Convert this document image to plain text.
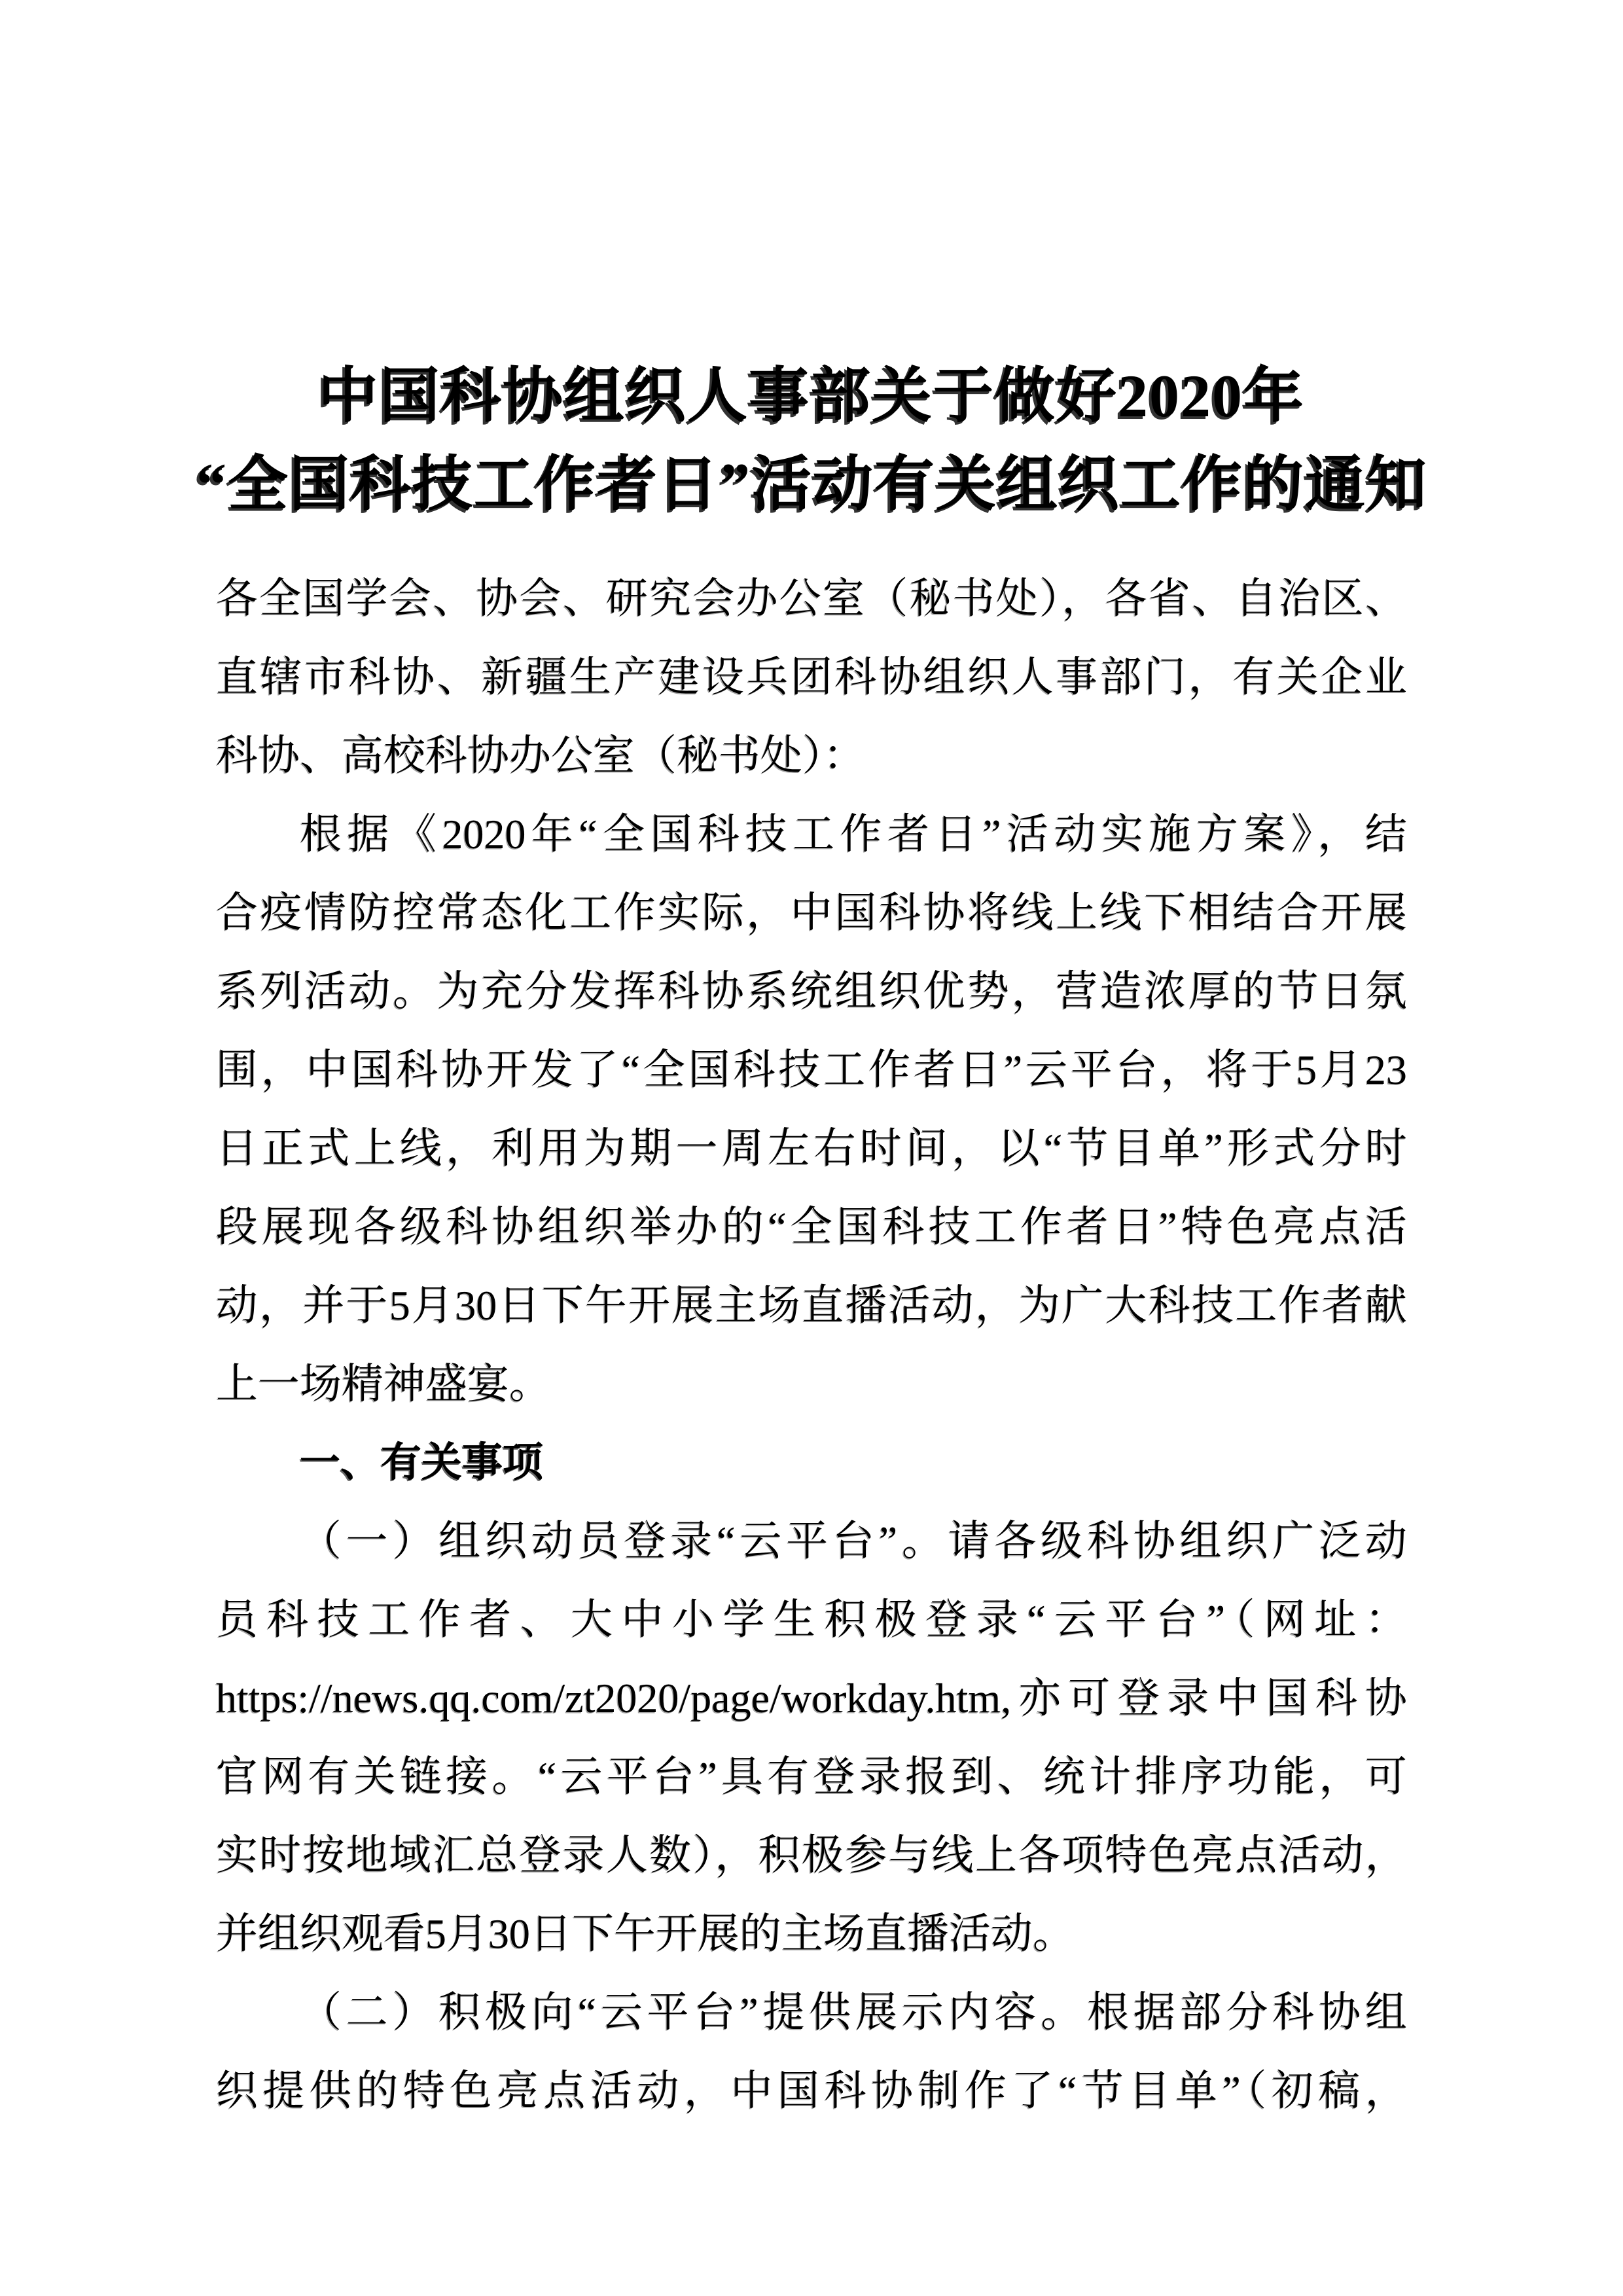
中国科协组织人事部关于做好2020年
“全国科技工作者日”活动有关组织工作的通知
各全国学会、协会、研究会办公室（秘书处），各省、自治区、
直辖市科协、新疆生产建设兵团科协组织人事部门，有关企业
科协、高校科协办公室（秘书处）：
根据《2020年“全国科技工作者日”活动实施方案》，结
合疫情防控常态化工作实际，中国科协将线上线下相结合开展
系列活动。为充分发挥科协系统组织优势，营造浓厚的节日氛
围，中国科协开发了“全国科技工作者日”云平台，将于5月23
日正式上线，利用为期一周左右时间，以“节目单”形式分时
段展现各级科协组织举办的“全国科技工作者日”特色亮点活
动，并于5月30日下午开展主场直播活动，为广大科技工作者献
上一场精神盛宴。
一、有关事项
（一）组织动员登录“云平台”。请各级科协组织广泛动
员科技工作者、大中小学生积极登录“云平台”（网址：
https://news.qq.com/zt2020/page/workday.htm,亦可登录中国科协
官网有关链接。“云平台”具有登录报到、统计排序功能，可
实时按地域汇总登录人数），积极参与线上各项特色亮点活动，
并组织观看5月30日下午开展的主场直播活动。
（二）积极向“云平台”提供展示内容。根据部分科协组
织提供的特色亮点活动，中国科协制作了“节目单”（初稿，
